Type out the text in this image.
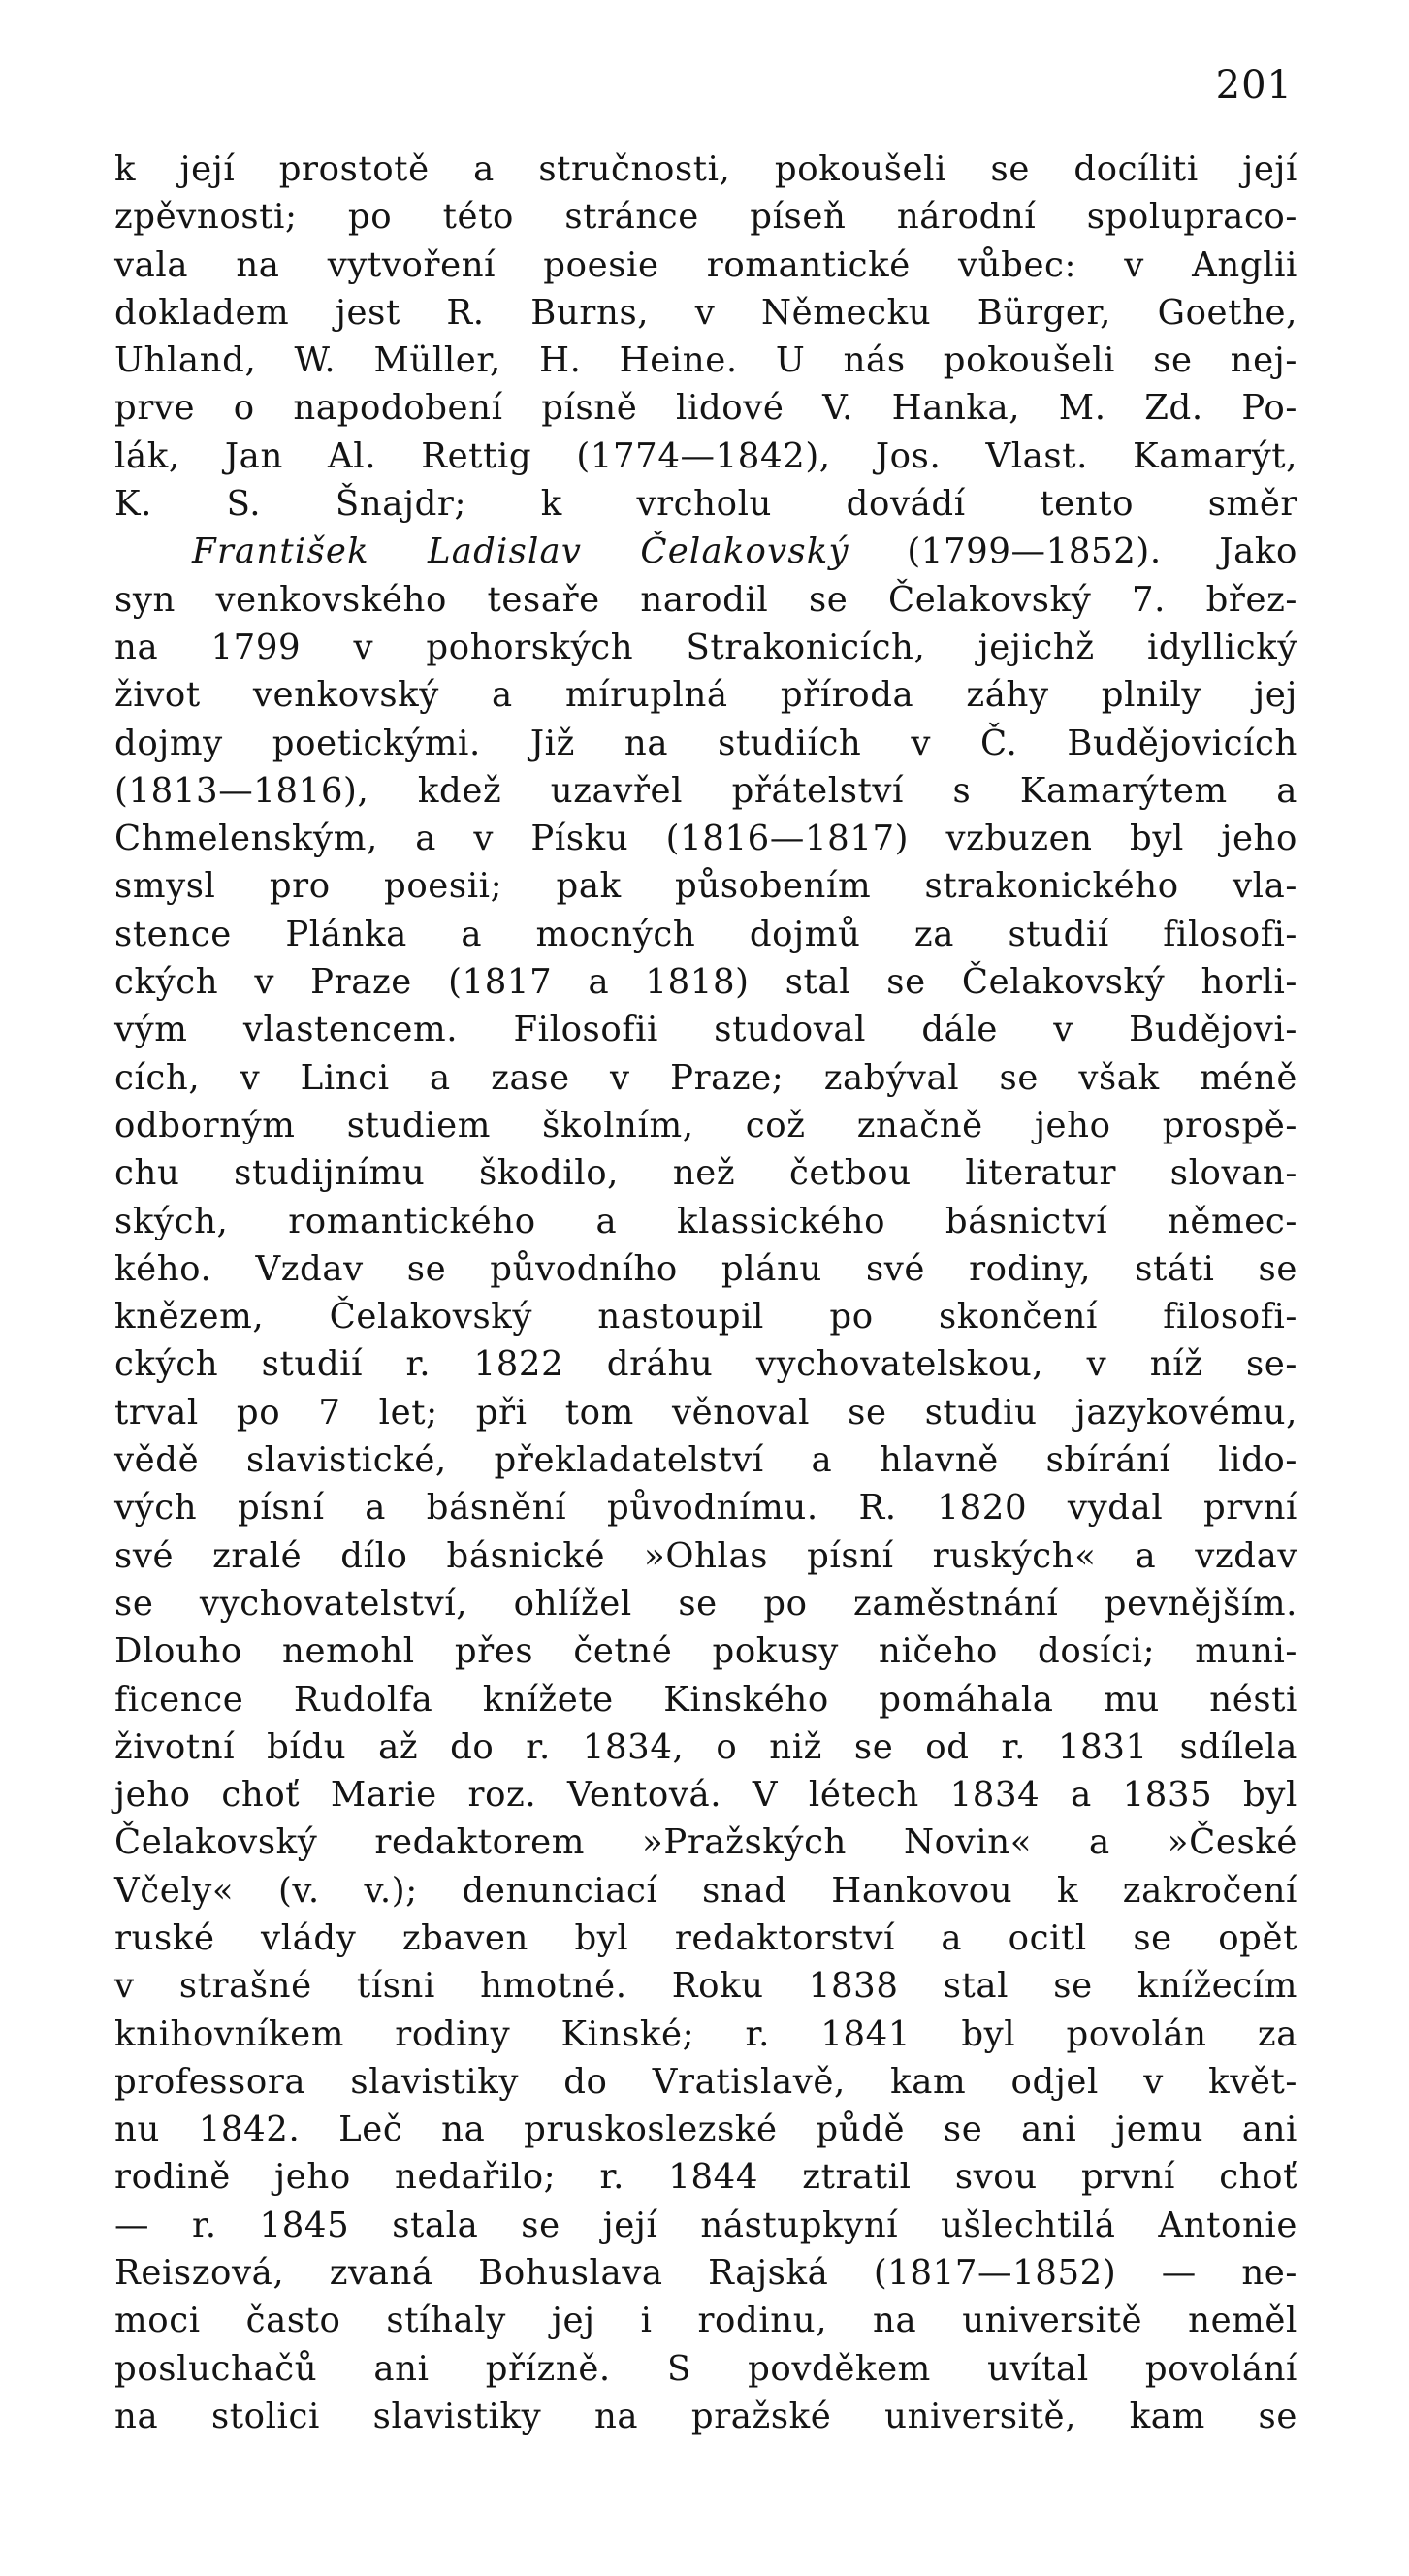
201
k její prostotě a stručnosti, pokoušeli se docíliti její
zpěvnosti; po této stránce píseň národní spolupraco-
vala na vytvoření poesie romantické vůbec: v Anglii
dokladem jest R. Burns, v Německu Bürger, Goethe,
Uhland, W. Müller, H. Heine. U nás pokoušeli se nej-
prve o napodobení písně lidové V. Hanka, M. Zd. Po-
lák, Jan Al. Rettig (1774—1842), Jos. Vlast. Kamarýt,
K. S. Šnajdr; k vrcholu dovádí tento směr
František Ladislav Čelakovský (1799—1852). Jako
syn venkovského tesaře narodil se Čelakovský 7. břez-
na 1799 v pohorských Strakonicích, jejichž idyllický
život venkovský a míruplná příroda záhy plnily jej
dojmy poetickými. Již na studiích v Č. Budějovicích
(1813—1816), kdež uzavřel přátelství s Kamarýtem a
Chmelenským, a v Písku (1816—1817) vzbuzen byl jeho
smysl pro poesii; pak působením strakonického vla-
stence Plánka a mocných dojmů za studií filosofi-
ckých v Praze (1817 a 1818) stal se Čelakovský horli-
vým vlastencem. Filosofii studoval dále v Budějovi-
cích, v Linci a zase v Praze; zabýval se však méně
odborným studiem školním, což značně jeho prospě-
chu studijnímu škodilo, než četbou literatur slovan-
ských, romantického a klassického básnictví němec-
kého. Vzdav se původního plánu své rodiny, státi se
knězem, Čelakovský nastoupil po skončení filosofi-
ckých studií r. 1822 dráhu vychovatelskou, v níž se-
trval po 7 let; při tom věnoval se studiu jazykovému,
vědě slavistické, překladatelství a hlavně sbírání lido-
vých písní a básnění původnímu. R. 1820 vydal první
své zralé dílo básnické »Ohlas písní ruských« a vzdav
se vychovatelství, ohlížel se po zaměstnání pevnějším.
Dlouho nemohl přes četné pokusy ničeho dosíci; muni-
ficence Rudolfa knížete Kinského pomáhala mu nésti
životní bídu až do r. 1834, o niž se od r. 1831 sdílela
jeho choť Marie roz. Ventová. V létech 1834 a 1835 byl
Čelakovský redaktorem »Pražských Novin« a »České
Včely« (v. v.); denunciací snad Hankovou k zakročení
ruské vlády zbaven byl redaktorství a ocitl se opět
v strašné tísni hmotné. Roku 1838 stal se knížecím
knihovníkem rodiny Kinské; r. 1841 byl povolán za
professora slavistiky do Vratislavě, kam odjel v květ-
nu 1842. Leč na pruskoslezské půdě se ani jemu ani
rodině jeho nedařilo; r. 1844 ztratil svou první choť
— r. 1845 stala se její nástupkyní ušlechtilá Antonie
Reiszová, zvaná Bohuslava Rajská (1817—1852) — ne-
moci často stíhaly jej i rodinu, na universitě neměl
posluchačů ani přízně. S povděkem uvítal povolání
na stolici slavistiky na pražské universitě, kam se
